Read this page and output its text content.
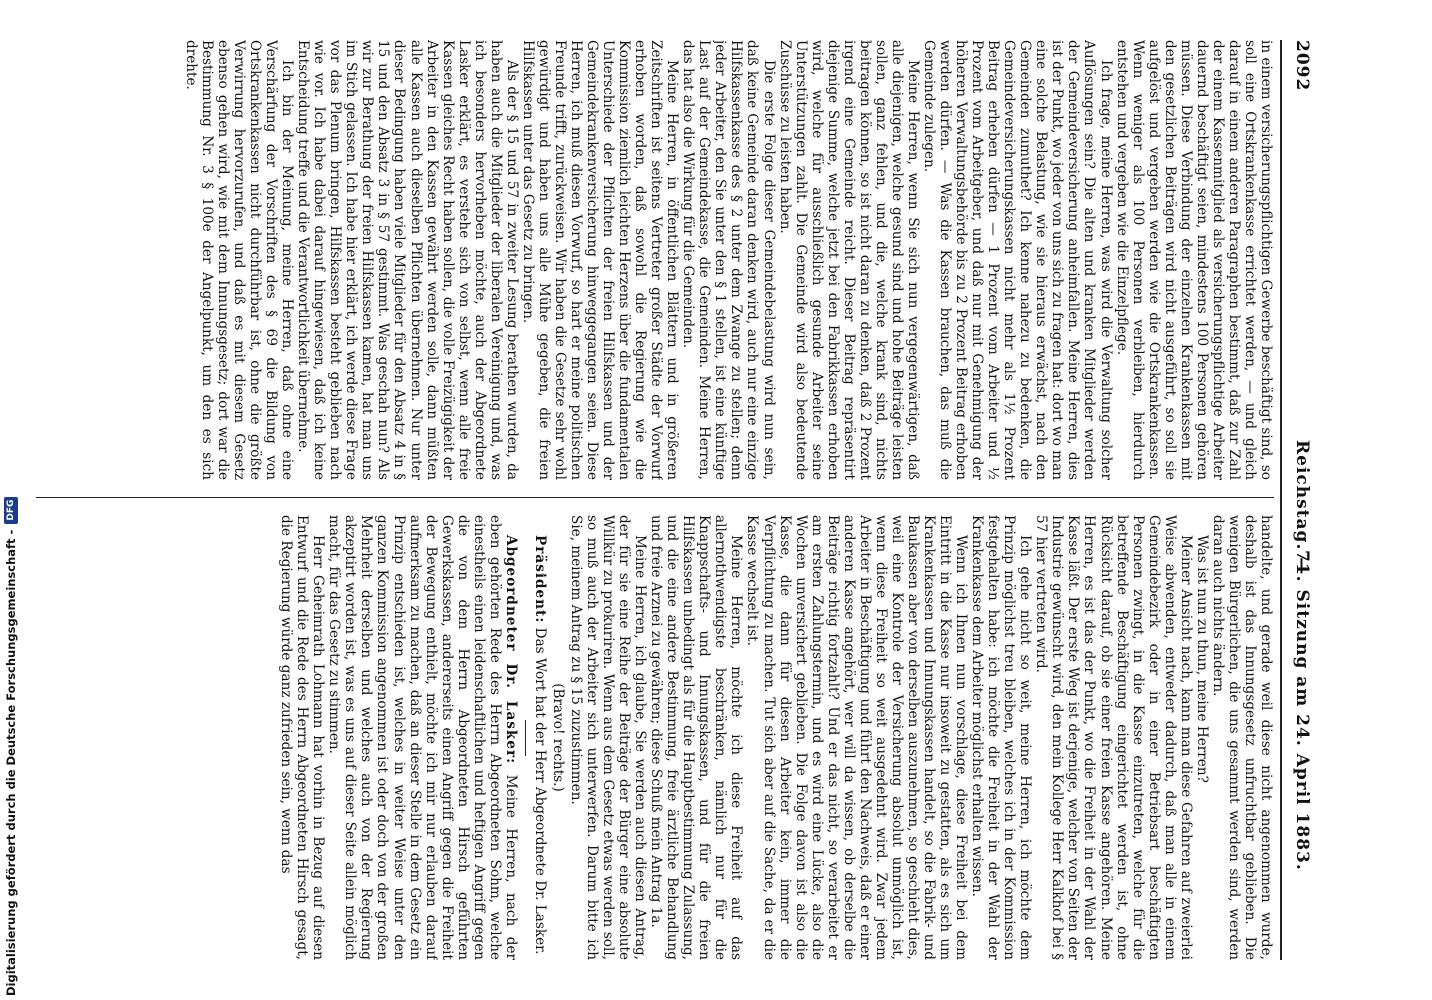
2092
Reichstag. —
71. Sitzung am 24. April 1883.

in einem versicherungspflichtigen Gewerbe beschäftigt sind, so soll eine Ortskrankenkasse errichtet werden, — und gleich darauf in einem anderen Paragraphen bestimmt, daß zur Zahl der einem Kassenmitglied als versicherungspflichtige Arbeiter dauernd beschäftigt seien, mindestens 100 Personen gehören müssen. Diese Verbindung der einzelnen Krankenkassen mit den gesetzlichen Beiträgen wird nicht ausgeführt, so soll sie aufgelöst und vergeben werden wie die Ortskrankenkassen. Wenn weniger als 100 Personen verbleiben, hierdurch entstehen und vergeben wie die Einzelpflege.

Ich frage, meine Herren, was wird die Verwaltung solcher Auflösungen sein? Die alten und kranken Mitglieder werden der Gemeindeversicherung anheimfallen. Meine Herren, dies ist der Punkt, wo jeder von uns sich zu fragen hat: dort wo man eine solche Belastung, wie sie hieraus erwächst, nach den Gemeinden zumuthet? Ich kenne nahezu zu bedenken, die Gemeindeversicherungskassen nicht mehr als 1½ Prozent Beitrag erheben dürfen — 1 Prozent vom Arbeiter und ½ Prozent vom Arbeitgeber, und daß nur mit Genehmigung der höheren Verwaltungsbehörde bis zu 2 Prozent Beitrag erhoben werden dürfen. — Was die Kassen brauchen, das muß die Gemeinde zulegen.

Meine Herren, wenn Sie sich nun vergegenwärtigen, daß alle diejenigen, welche gesund sind und hohe Beiträge leisten sollen, ganz fehlen, und die, welche krank sind, nichts beitragen können, so ist nicht daran zu denken, daß 2 Prozent irgend eine Gemeinde reicht. Dieser Beitrag repräsentirt diejenige Summe, welche jetzt bei den Fabrikkassen erhoben wird, welche für ausschließlich gesunde Arbeiter seine Unterstützungen zahlt. Die Gemeinde wird also bedeutende Zuschüsse zu leisten haben.

Die erste Folge dieser Gemeindebelastung wird nun sein, daß keine Gemeinde daran denken wird, auch nur eine einzige Hilfskassenkasse des § 2 unter dem Zwange zu stellen; denn jeder Arbeiter, den Sie unter den § 1 stellen, ist eine künftige Last auf der Gemeindekasse, die Gemeinden. Meine Herren, das hat also die Wirkung für die Gemeinden.

Meine Herren, in öffentlichen Blättern und in größeren Zeitschriften ist seitens Vertreter großer Städte der Vorwurf erhoben worden, daß sowohl die Regierung wie die Kommission ziemlich leichten Herzens über die fundamentalen Unterschiede der Pflichten der freien Hilfskassen und der Gemeindekrankenversicherung hinweggegangen seien. Diese Herren, ich muß diesen Vorwurf, so hart er meine politischen Freunde trifft, zurückweisen. Wir haben die Gesetze sehr wohl gewürdigt und haben uns alle Mühe gegeben, die freien Hilfskassen unter das Gesetz zu bringen.

Als der § 15 und 57 in zweiter Lesung berathen wurden, da haben auch die Mitglieder der liberalen Vereinigung und, was ich besonders hervorheben möchte, auch der Abgeordnete Lasker erklärt, es verstehe sich von selbst, wenn alle freie Kassen gleiches Recht haben sollen, die volle Freizügigkeit der Arbeiter in den Kassen gewährt werden solle, dann müßten alle Kassen auch dieselben Pflichten übernehmen. Nur unter dieser Bedingung haben viele Mitglieder für den Absatz 4 in § 15 und den Absatz 3 in § 57 gestimmt. Was geschah nun? Als wir zur Berathung der freien Hilfskassen kamen, hat man uns im Stich gelassen. Ich habe hier erklärt, ich werde diese Frage vor das Plenum bringen, Hilfskassen besteht geblieben nach wie vor. Ich habe dabei darauf hingewiesen, daß ich keine Entscheidung treffe und die Verantwortlichkeit übernehme.

Ich bin der Meinung, meine Herren, daß ohne eine Verschärfung der Vorschriften des § 69 die Bildung von Ortskrankenkassen nicht durchführbar ist, ohne die größte Verwirrung hervorzurufen, und daß es mit diesem Gesetz ebenso gehen wird, wie mit dem Innungsgesetz; dort war die Bestimmung Nr. 3 § 100e der Angelpunkt, um den es sich drehte.

handelte, und gerade weil diese nicht angenommen wurde, deshalb ist das Innungsgesetz unfruchtbar geblieben. Die wenigen Bürgerlichen, die uns gesammt werden sind, werden daran auch nichts ändern.

Was ist nun zu thun, meine Herren?

Meiner Ansicht nach, kann man diese Gefahren auf zweierlei Weise abwenden, entweder dadurch, daß man alle in einem Gemeindebezirk oder in einer Betriebsart beschäftigten Personen zwingt, in die Kasse einzutreten, welche für die betreffende Beschäftigung eingerichtet werden ist, ohne Rücksicht darauf, ob sie einer freien Kasse angehören. Meine Herren, es ist das der Punkt, wo die Freiheit in der Wahl der Kasse läßt. Der erste Weg ist derjenige, welcher von Seiten der Industrie gewünscht wird, den mein Kollege Herr Kalkhof bei § 57 hier vertreten wird.

Ich gehe nicht so weit, meine Herren, ich möchte dem Prinzip möglichst treu bleiben, welches ich in der Kommission festgehalten habe: ich möchte die Freiheit in der Wahl der Krankenkasse dem Arbeiter möglichst erhalten wissen.

Wenn ich Ihnen nun vorschlage, diese Freiheit bei dem Eintritt in die Kasse nur insoweit zu gestatten, als es sich um Krankenkassen und Innungskassen handelt, so die Fabrik- und Baukassen aber von derselben auszunehmen, so geschieht dies, weil eine Kontrole der Versicherung absolut unmöglich ist, wenn diese Freiheit so weit ausgedehnt wird. Zwar jedem Arbeiter in Beschäftigung und führt den Nachweis, daß er einer anderen Kasse angehört, wer will da wissen, ob derselbe die Beiträge richtig fortzahlt? Und er das nicht, so verarbeitet er am ersten Zahlungstermin, und es wird eine Lücke, also die Wochen unversichert geblieben. Die Folge davon ist also die Kasse, die dann für diesen Arbeiter kein, immer die Verpflichtung zu machen. Tut sich aber auf die Sache, da er die Kasse wechselt ist.

Meine Herren, möchte ich diese Freiheit auf das allernothwendigste beschränken, nämlich nur für die Knappschafts- und Innungskassen, und für die freien Hilfskassen unbedingt als für die Hauptbestimmung Zulassung, und die eine andere Bestimmung, freie ärztliche Behandlung und freie Arznei zu gewähren; diese Schuß mein Antrag 1a.

Meine Herren, ich glaube, Sie werden auch diesen Antrag, der für sie eine Reihe der Beiträge der Bürger eine absolute Willkür zu prokuriren. Wenn aus dem Gesetz etwas werden soll, so muß auch der Arbeiter sich unterwerfen. Darum bitte ich Sie, meinem Antrag zu § 15 zuzustimmen.

(Bravo! rechts.)

Präsident: Das Wort hat der Herr Abgeordnete Dr. Lasker.

Abgeordneter Dr. Lasker: Meine Herren, nach der eben gehörten Rede des Herrn Abgeordneten Sohm, welche einestheils einen leidenschaftlichen und heftigen Angriff gegen die von dem Herrn Abgeordneten Hirsch geführten Gewerkskassen, andererseits einen Angriff gegen die Freiheit der Bewegung enthielt, möchte ich mir nur erlauben darauf aufmerksam zu machen, daß an dieser Stelle in dem Gesetz ein Prinzip entschieden ist, welches in weiter Weise unter den ganzen Kommission angenommen ist oder doch von der großen Mehrheit derselben und welches auch von der Regierung akzeptirt worden ist, was es uns auf dieser Seite allein möglich macht, für das Gesetz zu stimmen.

Herr Geheimrath Lohmann hat vorhin in Bezug auf diesen Entwurf und die Rede des Herrn Abgeordneten Hirsch gesagt, die Regierung würde ganz zufrieden sein, wenn das

Digitalisierung gefördert durch die Deutsche Forschungsgemeinschaft -
DFG
